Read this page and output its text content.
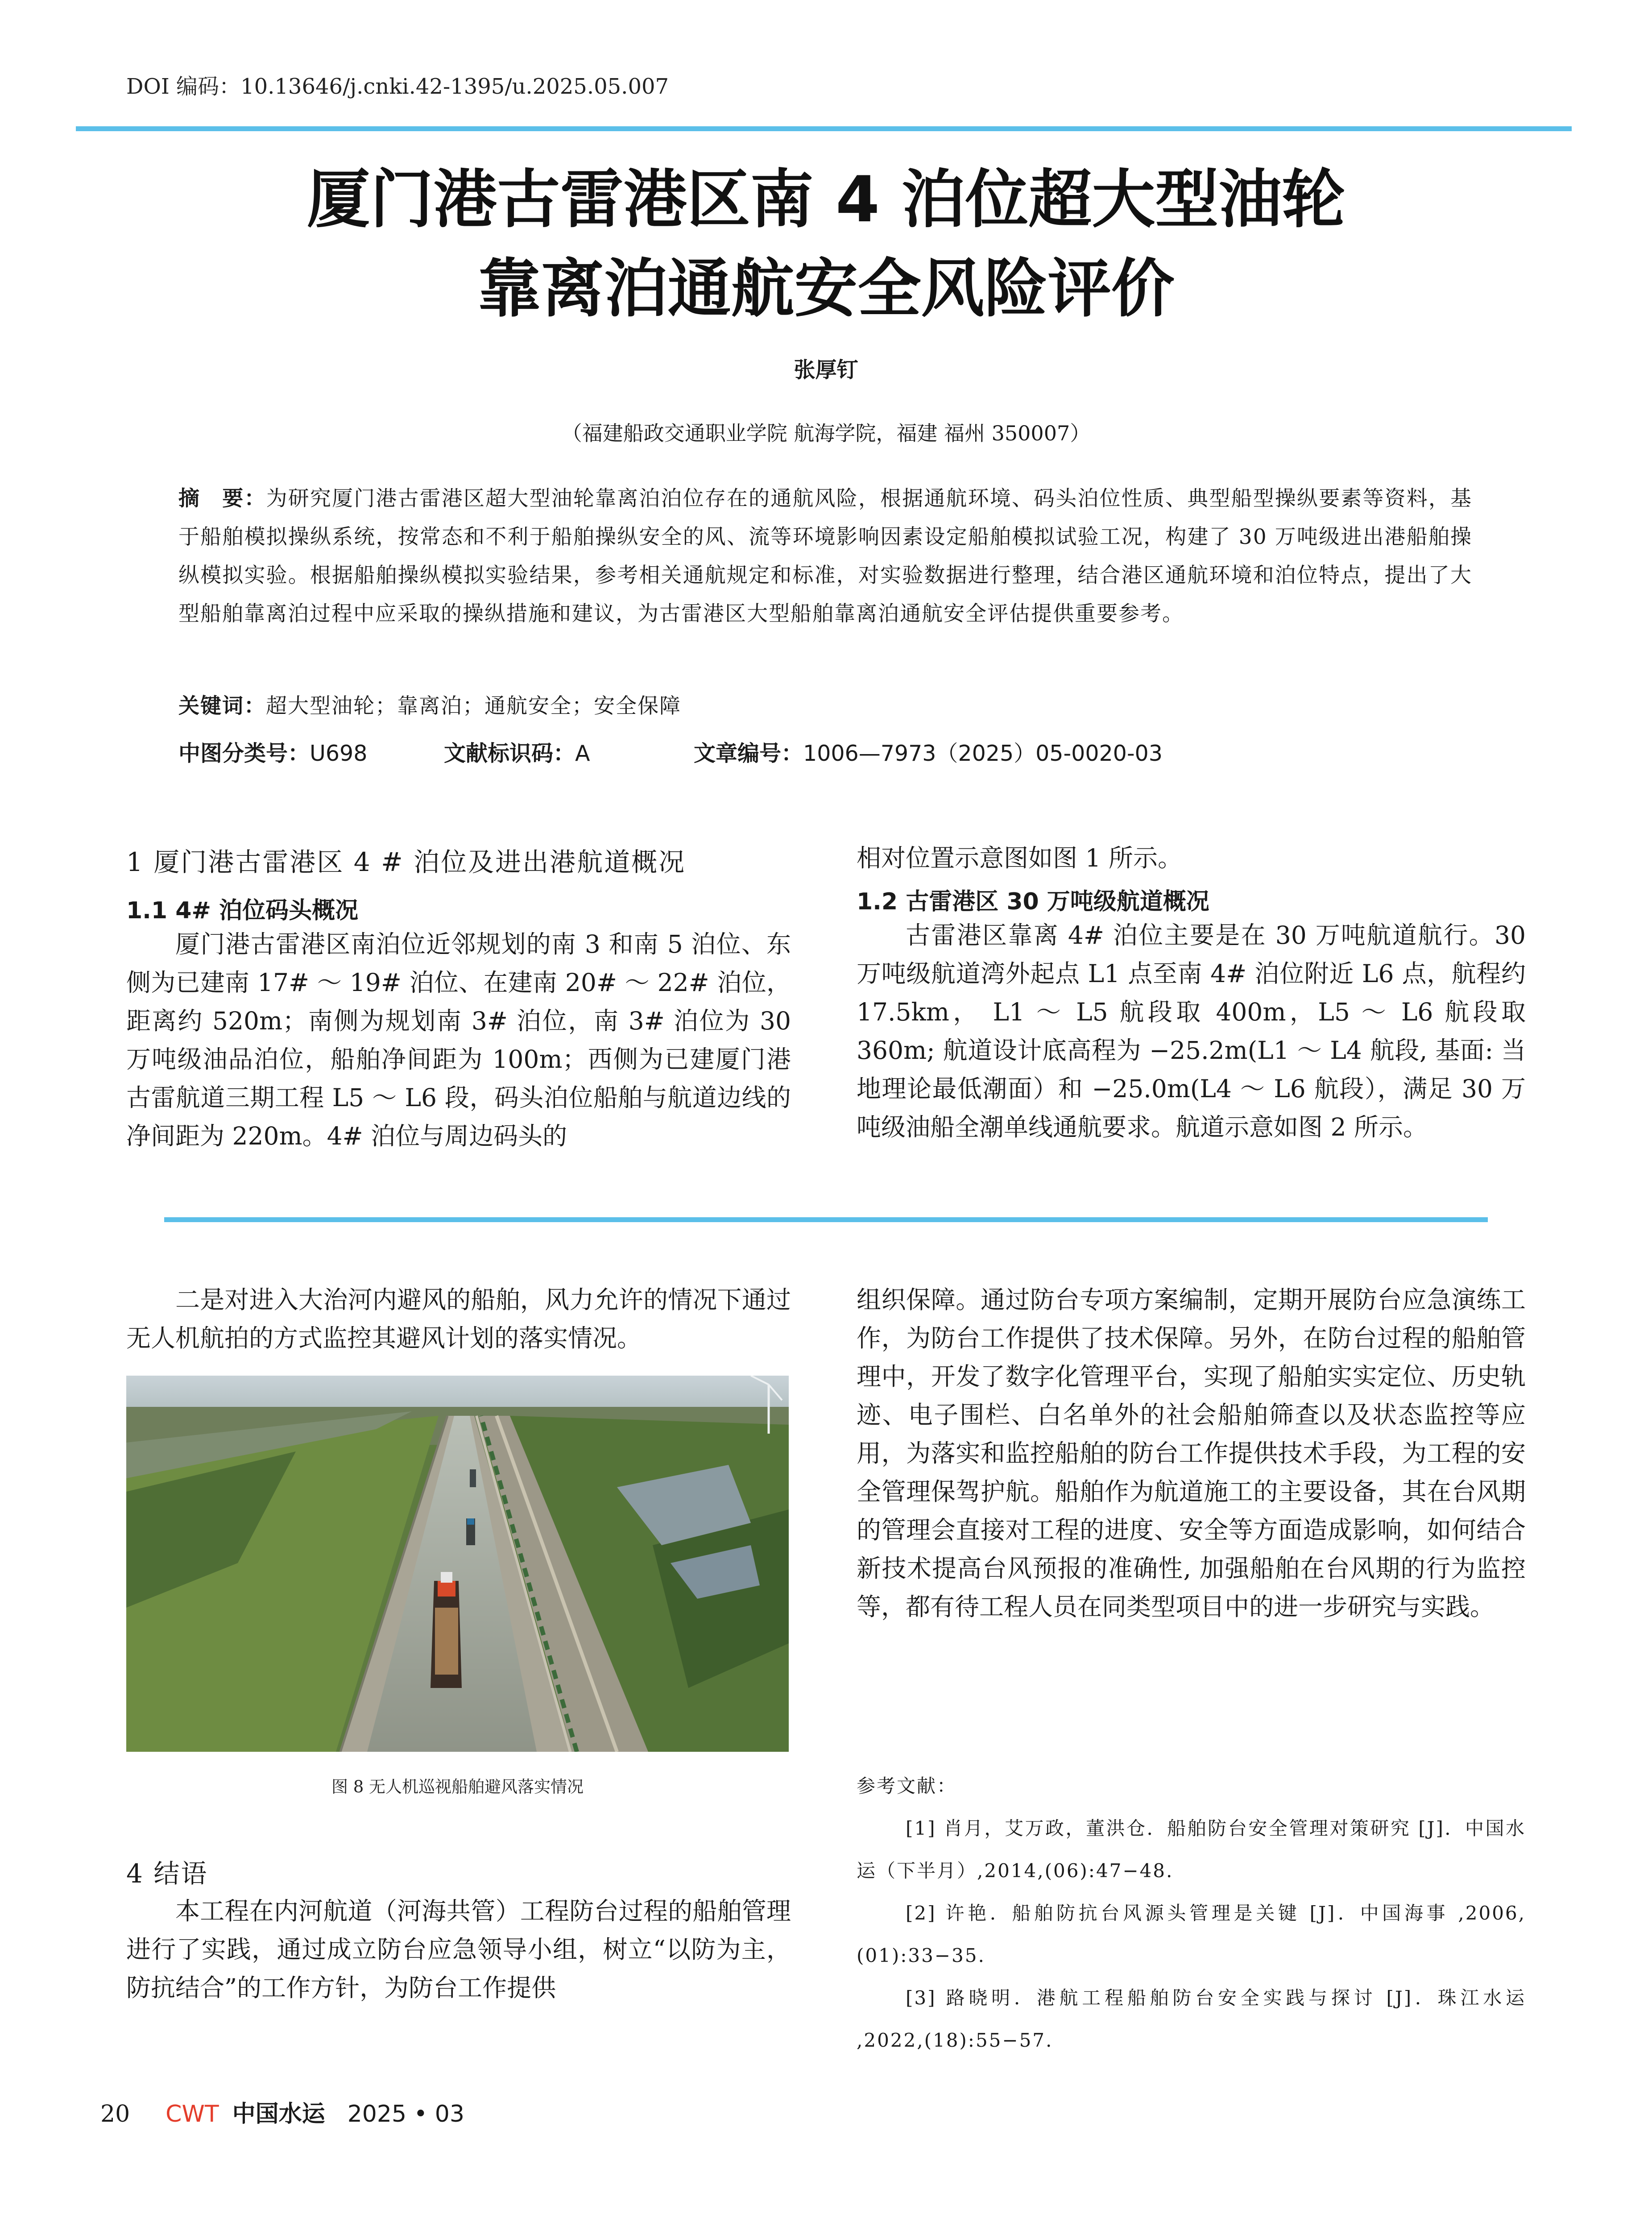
DOI 编码：10.13646/j.cnki.42-1395/u.2025.05.007
厦门港古雷港区南 4 泊位超大型油轮
靠离泊通航安全风险评价
张厚钉
（福建船政交通职业学院 航海学院，福建 福州 350007）
摘　要：为研究厦门港古雷港区超大型油轮靠离泊泊位存在的通航风险，根据通航环境、码头泊位性质、典型船型操纵要素等资料，基于船舶模拟操纵系统，按常态和不利于船舶操纵安全的风、流等环境影响因素设定船舶模拟试验工况，构建了 30 万吨级进出港船舶操纵模拟实验。根据船舶操纵模拟实验结果，参考相关通航规定和标准，对实验数据进行整理，结合港区通航环境和泊位特点，提出了大型船舶靠离泊过程中应采取的操纵措施和建议，为古雷港区大型船舶靠离泊通航安全评估提供重要参考。
关键词：超大型油轮；靠离泊；通航安全；安全保障
中图分类号：U698	文献标识码：A	文章编号：1006—7973（2025）05-0020-03
1 厦门港古雷港区 4 # 泊位及进出港航道概况
1.1 4# 泊位码头概况

厦门港古雷港区南泊位近邻规划的南 3 和南 5 泊位、东侧为已建南 17# ～ 19# 泊位、在建南 20# ～ 22# 泊位，距离约 520m；南侧为规划南 3# 泊位，南 3# 泊位为 30 万吨级油品泊位，船舶净间距为 100m；西侧为已建厦门港古雷航道三期工程 L5 ～ L6 段，码头泊位船舶与航道边线的净间距为 220m。4# 泊位与周边码头的

相对位置示意图如图 1 所示。

1.2 古雷港区 30 万吨级航道概况

古雷港区靠离 4# 泊位主要是在 30 万吨航道航行。30 万吨级航道湾外起点 L1 点至南 4# 泊位附近 L6 点，航程约 17.5km， L1 ～ L5 航段取 400m，L5 ～ L6 航段取 360m; 航道设计底高程为 −25.2m(L1 ～ L4 航段, 基面: 当地理论最低潮面）和 −25.0m(L4 ～ L6 航段），满足 30 万吨级油船全潮单线通航要求。航道示意如图 2 所示。

二是对进入大治河内避风的船舶，风力允许的情况下通过无人机航拍的方式监控其避风计划的落实情况。

图 8 无人机巡视船舶避风落实情况
4 结语

本工程在内河航道（河海共管）工程防台过程的船舶管理进行了实践，通过成立防台应急领导小组，树立“以防为主，防抗结合”的工作方针，为防台工作提供

组织保障。通过防台专项方案编制，定期开展防台应急演练工作，为防台工作提供了技术保障。另外，在防台过程的船舶管理中，开发了数字化管理平台，实现了船舶实实定位、历史轨迹、电子围栏、白名单外的社会船舶筛查以及状态监控等应用，为落实和监控船舶的防台工作提供技术手段，为工程的安全管理保驾护航。船舶作为航道施工的主要设备，其在台风期的管理会直接对工程的进度、安全等方面造成影响，如何结合新技术提高台风预报的准确性, 加强船舶在台风期的行为监控等，都有待工程人员在同类型项目中的进一步研究与实践。

参考文献：

[1] 肖月，艾万政，董洪仓．船舶防台安全管理对策研究 [J]．中国水运（下半月）,2014,(06):47−48.

[2] 许艳．船舶防抗台风源头管理是关键 [J]．中国海事 ,2006,(01):33−35.

[3] 路晓明．港航工程船舶防台安全实践与探讨 [J]．珠江水运 ,2022,(18):55−57.

20 CWT 中国水运 2025 • 03
